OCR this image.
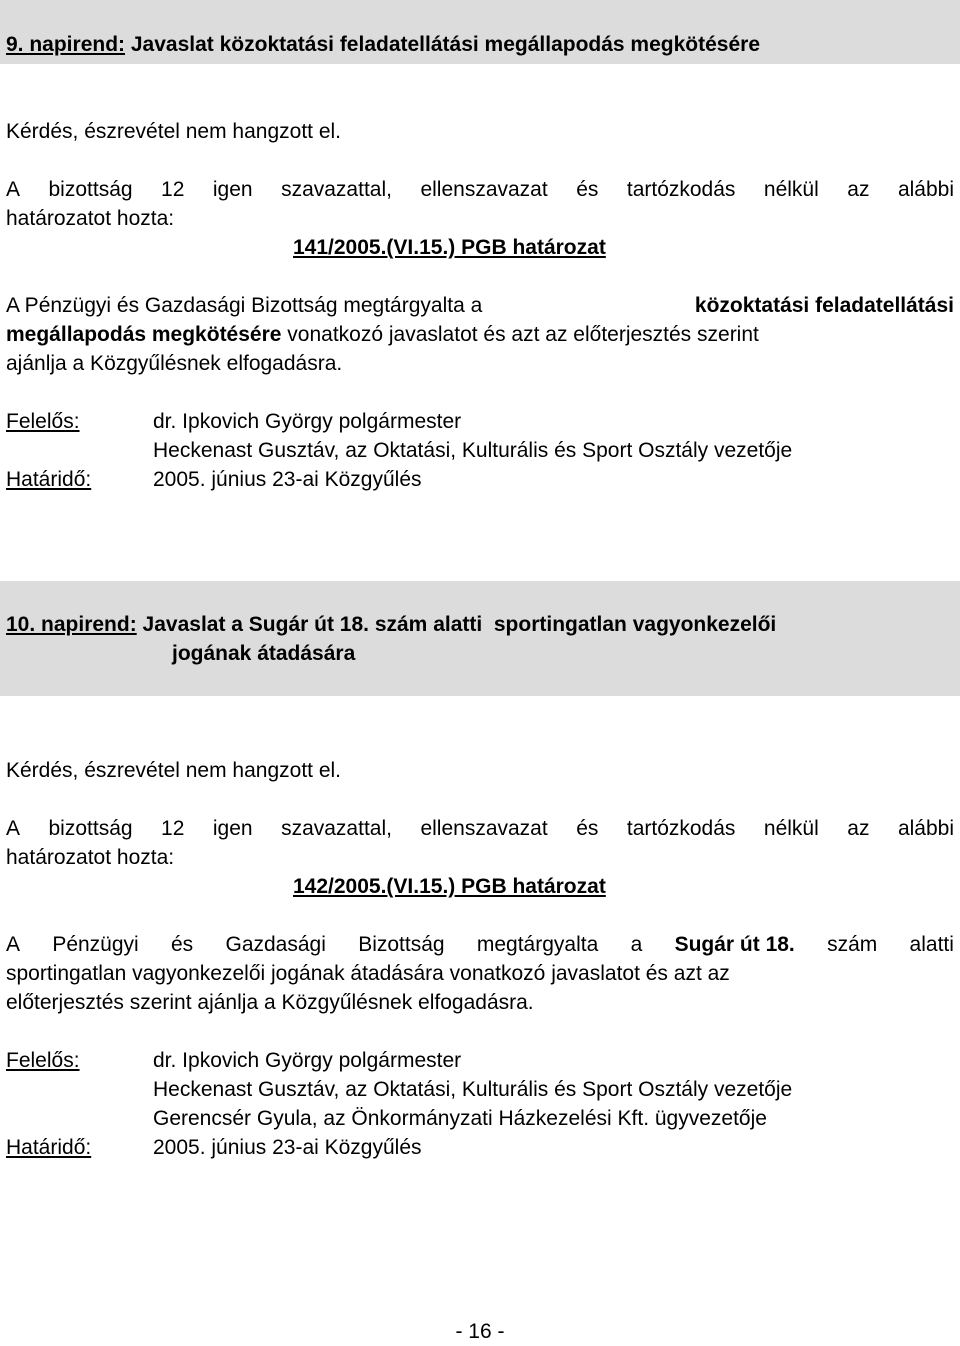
9. napirend: Javaslat közoktatási feladatellátási megállapodás megkötésére
Kérdés, észrevétel nem hangzott el.
A bizottság 12 igen szavazattal, ellenszavazat és tartózkodás nélkül az alábbi
határozatot hozta:
141/2005.(VI.15.) PGB határozat
A Pénzügyi és Gazdasági Bizottság megtárgyalta a	közoktatási feladatellátási
megállapodás megkötésére vonatkozó javaslatot és azt az előterjesztés szerint
ajánlja a Közgyűlésnek elfogadásra.
Felelős:	dr. Ipkovich György polgármester
Heckenast Gusztáv, az Oktatási, Kulturális és Sport Osztály vezetője
Határidő:	2005. június 23-ai Közgyűlés
10. napirend: Javaslat a Sugár út 18. szám alatti  sportingatlan vagyonkezelői
jogának átadására
Kérdés, észrevétel nem hangzott el.
A bizottság 12 igen szavazattal, ellenszavazat és tartózkodás nélkül az alábbi
határozatot hozta:
142/2005.(VI.15.) PGB határozat
A Pénzügyi és Gazdasági Bizottság megtárgyalta a Sugár út 18. szám alatti
sportingatlan vagyonkezelői jogának átadására vonatkozó javaslatot és azt az
előterjesztés szerint ajánlja a Közgyűlésnek elfogadásra.
Felelős:	dr. Ipkovich György polgármester
Heckenast Gusztáv, az Oktatási, Kulturális és Sport Osztály vezetője
Gerencsér Gyula, az Önkormányzati Házkezelési Kft. ügyvezetője
Határidő:	2005. június 23-ai Közgyűlés
- 16 -
